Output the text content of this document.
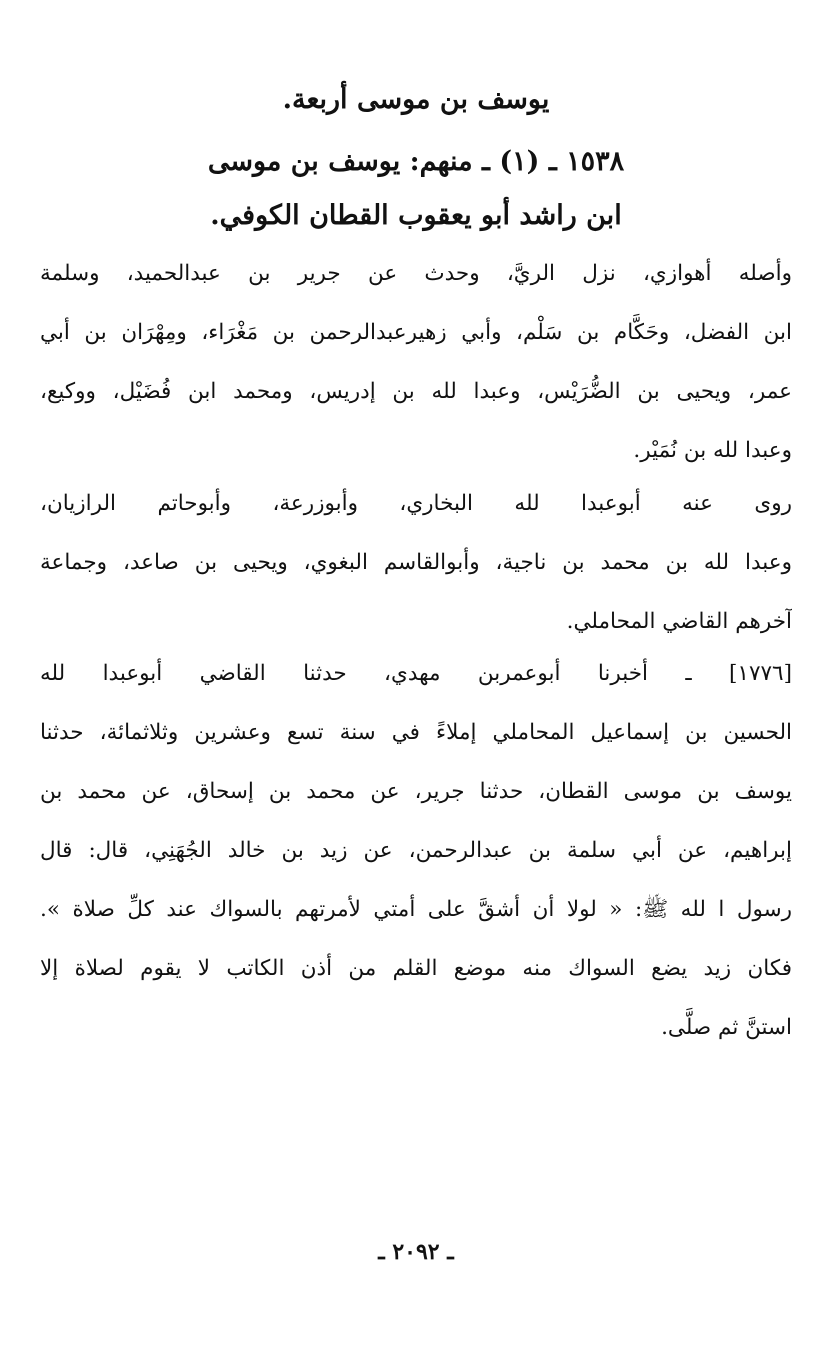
يوسف بن موسى أربعة.
١٥٣٨ ـ (١) ـ منهم: يوسف بن موسى
ابن راشد أبو يعقوب القطان الكوفي.
وأصله أهوازي، نزل الريَّ، وحدث عن جرير بن عبدالحميد، وسلمة
ابن الفضل، وحَكَّام بن سَلْم، وأبي زهيرعبدالرحمن بن مَغْرَاء، ومِهْرَان بن أبي
عمر، ويحيى بن الضُّرَيْس، وعبدا لله بن إدريس، ومحمد ابن فُضَيْل، ووكيع،
وعبدا لله بن نُمَيْر.
روى عنه أبوعبدا لله البخاري، وأبوزرعة، وأبوحاتم الرازيان،
وعبدا لله بن محمد بن ناجية، وأبوالقاسم البغوي، ويحيى بن صاعد، وجماعة
آخرهم القاضي المحاملي.
[١٧٧٦] ـ أخبرنا أبوعمربن مهدي، حدثنا القاضي أبوعبدا لله
الحسين بن إسماعيل المحاملي إملاءً في سنة تسع وعشرين وثلاثمائة، حدثنا
يوسف بن موسى القطان، حدثنا جرير، عن محمد بن إسحاق، عن محمد بن
إبراهيم، عن أبي سلمة بن عبدالرحمن، عن زيد بن خالد الجُهَنِي، قال: قال
رسول ا لله ﷺ: « لولا أن أشقَّ على أمتي لأمرتهم بالسواك عند كلِّ صلاة ».
فكان زيد يضع السواك منه موضع القلم من أذن الكاتب لا يقوم لصلاة إلا
استنَّ ثم صلَّى.
ـ ٢٠٩٢ ـ
